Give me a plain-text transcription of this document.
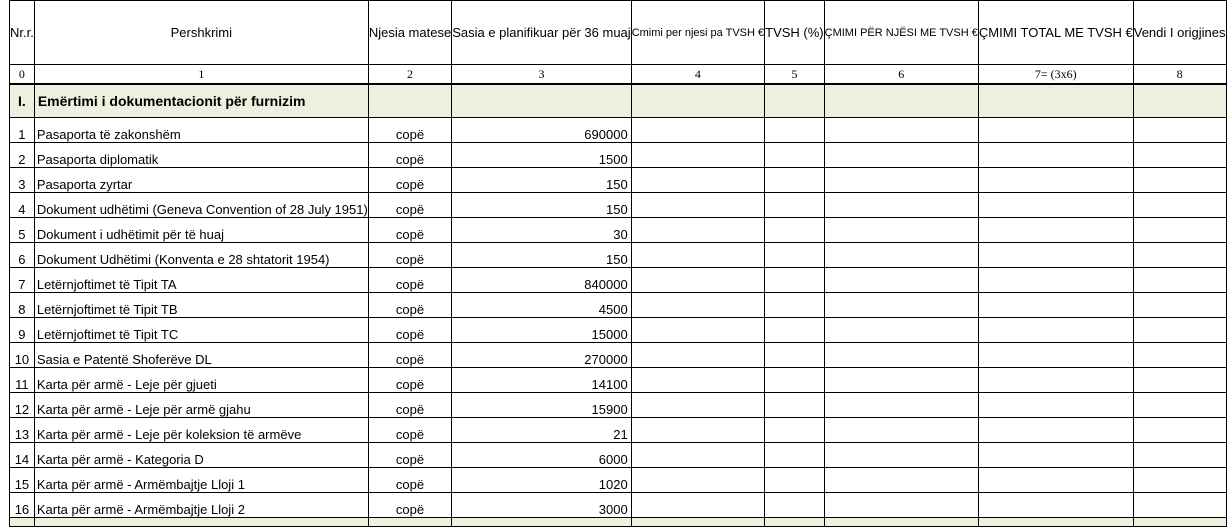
Nr.r.	Pershkrimi	Njesia matese	Sasia e planifikuar për 36 muaj	Cmimi per njesi pa TVSH €	TVSH (%)	ÇMIMI PËR NJËSI ME TVSH €	ÇMIMI TOTAL ME TVSH €	Vendi I origjines
0	1	2	3	4	5	6	7= (3x6)	8
I.	Emërtimi i dokumentacionit për furnizim							
1	Pasaporta të zakonshëm	copë	690000					
2	Pasaporta diplomatik	copë	1500					
3	Pasaporta zyrtar	copë	150					
4	Dokument udhëtimi (Geneva Convention of 28 July 1951)	copë	150					
5	Dokument i udhëtimit për të huaj	copë	30					
6	Dokument Udhëtimi (Konventa e 28 shtatorit 1954)	copë	150					
7	Letërnjoftimet të Tipit TA	copë	840000					
8	Letërnjoftimet të Tipit TB	copë	4500					
9	Letërnjoftimet të Tipit TC	copë	15000					
10	Sasia e Patentë Shoferëve DL	copë	270000					
11	Karta për armë - Leje për gjueti	copë	14100					
12	Karta për armë - Leje për armë gjahu	copë	15900					
13	Karta për armë - Leje për koleksion të armëve	copë	21					
14	Karta për armë - Kategoria D	copë	6000					
15	Karta për armë - Armëmbajtje Lloji 1	copë	1020					
16	Karta për armë - Armëmbajtje Lloji 2	copë	3000					
